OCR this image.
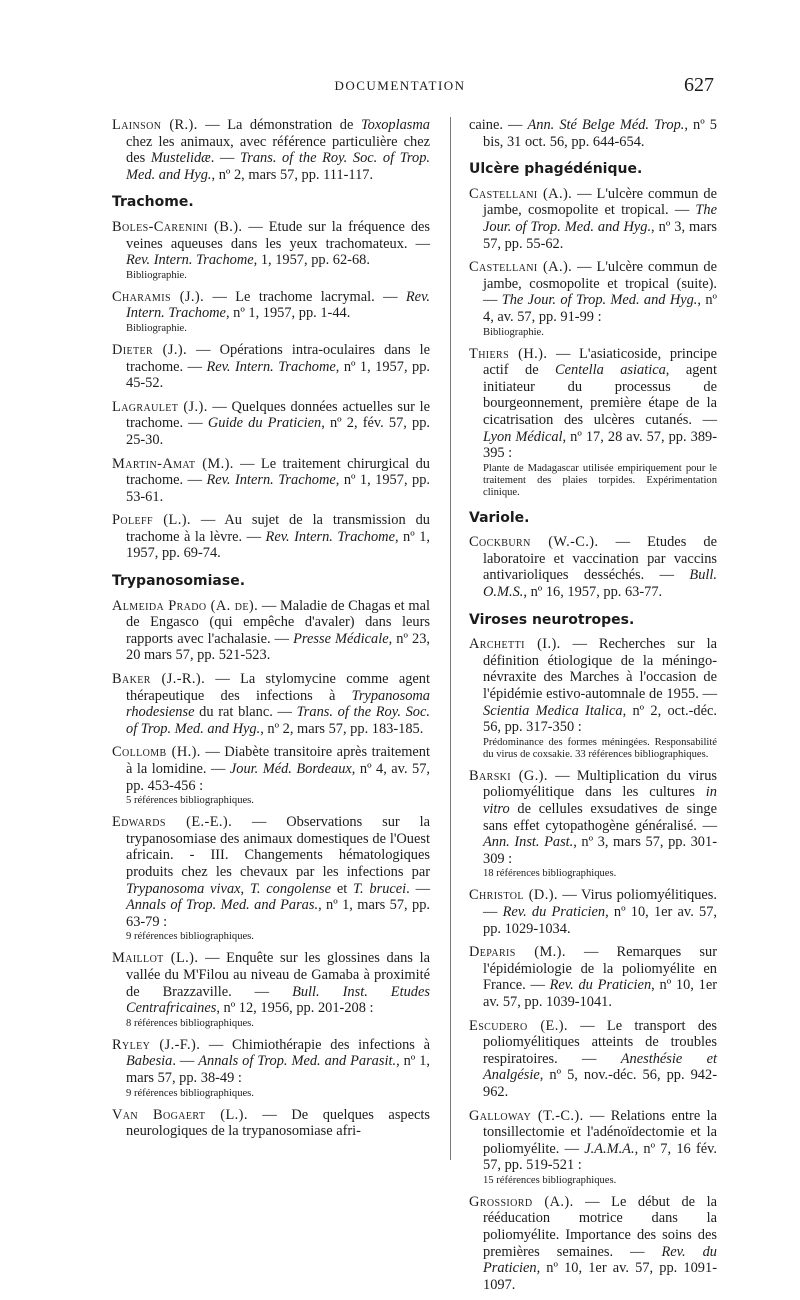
DOCUMENTATION	627
Lainson (R.). — La démonstration de Toxoplasma chez les animaux, avec référence particulière chez des Mustelidæ. — Trans. of the Roy. Soc. of Trop. Med. and Hyg., nº 2, mars 57, pp. 111-117.
Trachome.
Boles-Carenini (B.). — Etude sur la fréquence des veines aqueuses dans les yeux trachomateux. — Rev. Intern. Trachome, 1, 1957, pp. 62-68.
Bibliographie.
Charamis (J.). — Le trachome lacrymal. — Rev. Intern. Trachome, nº 1, 1957, pp. 1-44.
Bibliographie.
Dieter (J.). — Opérations intra-oculaires dans le trachome. — Rev. Intern. Trachome, nº 1, 1957, pp. 45-52.
Lagraulet (J.). — Quelques données actuelles sur le trachome. — Guide du Praticien, nº 2, fév. 57, pp. 25-30.
Martin-Amat (M.). — Le traitement chirurgical du trachome. — Rev. Intern. Trachome, nº 1, 1957, pp. 53-61.
Poleff (L.). — Au sujet de la transmission du trachome à la lèvre. — Rev. Intern. Trachome, nº 1, 1957, pp. 69-74.
Trypanosomiase.
Almeida Prado (A. de). — Maladie de Chagas et mal de Engasco (qui empêche d'avaler) dans leurs rapports avec l'achalasie. — Presse Médicale, nº 23, 20 mars 57, pp. 521-523.
Baker (J.-R.). — La stylomycine comme agent thérapeutique des infections à Trypanosoma rhodesiense du rat blanc. — Trans. of the Roy. Soc. of Trop. Med. and Hyg., nº 2, mars 57, pp. 183-185.
Collomb (H.). — Diabète transitoire après traitement à la lomidine. — Jour. Méd. Bordeaux, nº 4, av. 57, pp. 453-456 :
5 références bibliographiques.
Edwards (E.-E.). — Observations sur la trypanosomiase des animaux domestiques de l'Ouest africain. - III. Changements hématologiques produits chez les chevaux par les infections par Trypanosoma vivax, T. congolense et T. brucei. — Annals of Trop. Med. and Paras., nº 1, mars 57, pp. 63-79 :
9 références bibliographiques.
Maillot (L.). — Enquête sur les glossines dans la vallée du M'Filou au niveau de Gamaba à proximité de Brazzaville. — Bull. Inst. Etudes Centrafricaines, nº 12, 1956, pp. 201-208 :
8 références bibliographiques.
Ryley (J.-F.). — Chimiothérapie des infections à Babesia. — Annals of Trop. Med. and Parasit., nº 1, mars 57, pp. 38-49 :
9 références bibliographiques.
Van Bogaert (L.). — De quelques aspects neurologiques de la trypanosomiase afri-
caine. — Ann. Sté Belge Méd. Trop., nº 5 bis, 31 oct. 56, pp. 644-654.
Ulcère phagédénique.
Castellani (A.). — L'ulcère commun de jambe, cosmopolite et tropical. — The Jour. of Trop. Med. and Hyg., nº 3, mars 57, pp. 55-62.
Castellani (A.). — L'ulcère commun de jambe, cosmopolite et tropical (suite). — The Jour. of Trop. Med. and Hyg., nº 4, av. 57, pp. 91-99 :
Bibliographie.
Thiers (H.). — L'asiaticoside, principe actif de Centella asiatica, agent initiateur du processus de bourgeonnement, première étape de la cicatrisation des ulcères cutanés. — Lyon Médical, nº 17, 28 av. 57, pp. 389-395 :
Plante de Madagascar utilisée empiriquement pour le traitement des plaies torpides. Expérimentation clinique.
Variole.
Cockburn (W.-C.). — Etudes de laboratoire et vaccination par vaccins antivarioliques desséchés. — Bull. O.M.S., nº 16, 1957, pp. 63-77.
Viroses neurotropes.
Archetti (I.). — Recherches sur la définition étiologique de la méningo-névraxite des Marches à l'occasion de l'épidémie estivo-automnale de 1955. — Scientia Medica Italica, nº 2, oct.-déc. 56, pp. 317-350 :
Prédominance des formes méningées. Responsabilité du virus de coxsakie. 33 références bibliographiques.
Barski (G.). — Multiplication du virus poliomyélitique dans les cultures in vitro de cellules exsudatives de singe sans effet cytopathogène généralisé. — Ann. Inst. Past., nº 3, mars 57, pp. 301-309 :
18 références bibliographiques.
Christol (D.). — Virus poliomyélitiques. — Rev. du Praticien, nº 10, 1er av. 57, pp. 1029-1034.
Deparis (M.). — Remarques sur l'épidémiologie de la poliomyélite en France. — Rev. du Praticien, nº 10, 1er av. 57, pp. 1039-1041.
Escudero (E.). — Le transport des poliomyélitiques atteints de troubles respiratoires. — Anesthésie et Analgésie, nº 5, nov.-déc. 56, pp. 942-962.
Galloway (T.-C.). — Relations entre la tonsillectomie et l'adénoïdectomie et la poliomyélite. — J.A.M.A., nº 7, 16 fév. 57, pp. 519-521 :
15 références bibliographiques.
Grossiord (A.). — Le début de la rééducation motrice dans la poliomyélite. Importance des soins des premières semaines. — Rev. du Praticien, nº 10, 1er av. 57, pp. 1091-1097.
